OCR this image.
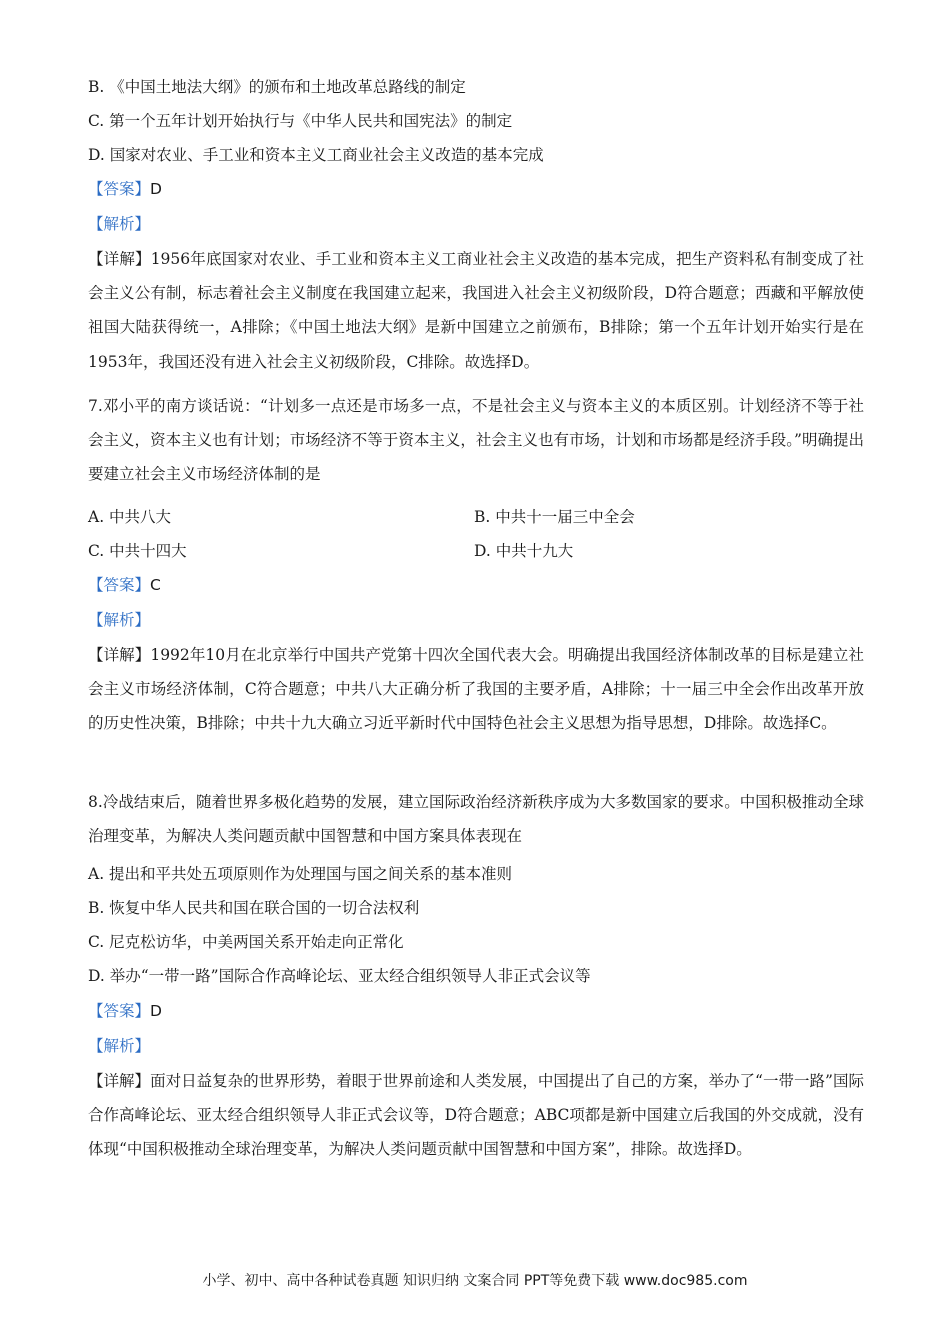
B. 《中国土地法大纲》的颁布和土地改革总路线的制定
C. 第一个五年计划开始执行与《中华人民共和国宪法》的制定
D. 国家对农业、手工业和资本主义工商业社会主义改造的基本完成
【答案】D
【解析】
【详解】1956年底国家对农业、手工业和资本主义工商业社会主义改造的基本完成，把生产资料私有制变成了社会主义公有制，标志着社会主义制度在我国建立起来，我国进入社会主义初级阶段，D符合题意；西藏和平解放使祖国大陆获得统一，A排除；《中国土地法大纲》是新中国建立之前颁布，B排除；第一个五年计划开始实行是在1953年，我国还没有进入社会主义初级阶段，C排除。故选择D。
7.邓小平的南方谈话说：“计划多一点还是市场多一点，不是社会主义与资本主义的本质区别。计划经济不等于社会主义，资本主义也有计划；市场经济不等于资本主义，社会主义也有市场，计划和市场都是经济手段。”明确提出要建立社会主义市场经济体制的是
A. 中共八大	B. 中共十一届三中全会
C. 中共十四大	D. 中共十九大
【答案】C
【解析】
【详解】1992年10月在北京举行中国共产党第十四次全国代表大会。明确提出我国经济体制改革的目标是建立社会主义市场经济体制，C符合题意；中共八大正确分析了我国的主要矛盾，A排除；十一届三中全会作出改革开放的历史性决策，B排除；中共十九大确立习近平新时代中国特色社会主义思想为指导思想，D排除。故选择C。
8.冷战结束后，随着世界多极化趋势的发展，建立国际政治经济新秩序成为大多数国家的要求。中国积极推动全球治理变革，为解决人类问题贡献中国智慧和中国方案具体表现在
A. 提出和平共处五项原则作为处理国与国之间关系的基本准则
B. 恢复中华人民共和国在联合国的一切合法权利
C. 尼克松访华，中美两国关系开始走向正常化
D. 举办“一带一路”国际合作高峰论坛、亚太经合组织领导人非正式会议等
【答案】D
【解析】
【详解】面对日益复杂的世界形势，着眼于世界前途和人类发展，中国提出了自己的方案，举办了“一带一路”国际合作高峰论坛、亚太经合组织领导人非正式会议等，D符合题意；ABC项都是新中国建立后我国的外交成就，没有体现“中国积极推动全球治理变革，为解决人类问题贡献中国智慧和中国方案”，排除。故选择D。
小学、初中、高中各种试卷真题 知识归纳 文案合同 PPT等免费下载 www.doc985.com
